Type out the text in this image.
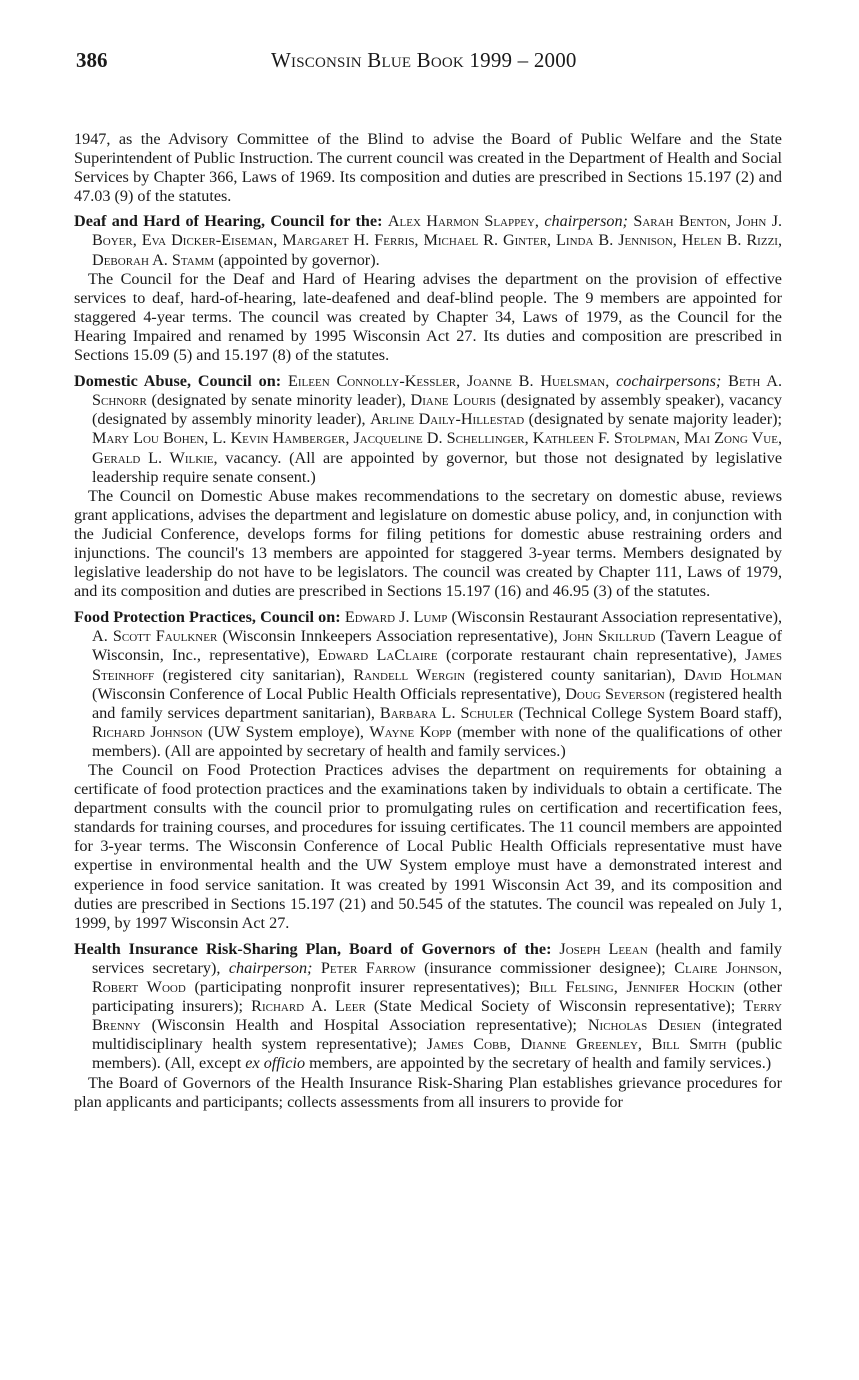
386	Wisconsin Blue Book 1999 – 2000

1947, as the Advisory Committee of the Blind to advise the Board of Public Welfare and the State Superintendent of Public Instruction. The current council was created in the Department of Health and Social Services by Chapter 366, Laws of 1969. Its composition and duties are prescribed in Sections 15.197 (2) and 47.03 (9) of the statutes.

Deaf and Hard of Hearing, Council for the: Alex Harmon Slappey, chairperson; Sarah Benton, John J. Boyer, Eva Dicker-Eiseman, Margaret H. Ferris, Michael R. Ginter, Linda B. Jennison, Helen B. Rizzi, Deborah A. Stamm (appointed by governor).

The Council for the Deaf and Hard of Hearing advises the department on the provision of effective services to deaf, hard-of-hearing, late-deafened and deaf-blind people. The 9 members are appointed for staggered 4-year terms. The council was created by Chapter 34, Laws of 1979, as the Council for the Hearing Impaired and renamed by 1995 Wisconsin Act 27. Its duties and composition are prescribed in Sections 15.09 (5) and 15.197 (8) of the statutes.

Domestic Abuse, Council on: Eileen Connolly-Kessler, Joanne B. Huelsman, cochairpersons; Beth A. Schnorr (designated by senate minority leader), Diane Louris (designated by assembly speaker), vacancy (designated by assembly minority leader), Arline Daily-Hillestad (designated by senate majority leader); Mary Lou Bohen, L. Kevin Hamberger, Jacqueline D. Schellinger, Kathleen F. Stolpman, Mai Zong Vue, Gerald L. Wilkie, vacancy. (All are appointed by governor, but those not designated by legislative leadership require senate consent.)

The Council on Domestic Abuse makes recommendations to the secretary on domestic abuse, reviews grant applications, advises the department and legislature on domestic abuse policy, and, in conjunction with the Judicial Conference, develops forms for filing petitions for domestic abuse restraining orders and injunctions. The council's 13 members are appointed for staggered 3-year terms. Members designated by legislative leadership do not have to be legislators. The council was created by Chapter 111, Laws of 1979, and its composition and duties are prescribed in Sections 15.197 (16) and 46.95 (3) of the statutes.

Food Protection Practices, Council on: Edward J. Lump (Wisconsin Restaurant Association representative), A. Scott Faulkner (Wisconsin Innkeepers Association representative), John Skillrud (Tavern League of Wisconsin, Inc., representative), Edward LaClaire (corporate restaurant chain representative), James Steinhoff (registered city sanitarian), Randell Wergin (registered county sanitarian), David Holman (Wisconsin Conference of Local Public Health Officials representative), Doug Severson (registered health and family services department sanitarian), Barbara L. Schuler (Technical College System Board staff), Richard Johnson (UW System employe), Wayne Kopp (member with none of the qualifications of other members). (All are appointed by secretary of health and family services.)

The Council on Food Protection Practices advises the department on requirements for obtaining a certificate of food protection practices and the examinations taken by individuals to obtain a certificate. The department consults with the council prior to promulgating rules on certification and recertification fees, standards for training courses, and procedures for issuing certificates. The 11 council members are appointed for 3-year terms. The Wisconsin Conference of Local Public Health Officials representative must have expertise in environmental health and the UW System employe must have a demonstrated interest and experience in food service sanitation. It was created by 1991 Wisconsin Act 39, and its composition and duties are prescribed in Sections 15.197 (21) and 50.545 of the statutes. The council was repealed on July 1, 1999, by 1997 Wisconsin Act 27.

Health Insurance Risk-Sharing Plan, Board of Governors of the: Joseph Leean (health and family services secretary), chairperson; Peter Farrow (insurance commissioner designee); Claire Johnson, Robert Wood (participating nonprofit insurer representatives); Bill Felsing, Jennifer Hockin (other participating insurers); Richard A. Leer (State Medical Society of Wisconsin representative); Terry Brenny (Wisconsin Health and Hospital Association representative); Nicholas Desien (integrated multidisciplinary health system representative); James Cobb, Dianne Greenley, Bill Smith (public members). (All, except ex officio members, are appointed by the secretary of health and family services.)

The Board of Governors of the Health Insurance Risk-Sharing Plan establishes grievance procedures for plan applicants and participants; collects assessments from all insurers to provide for
